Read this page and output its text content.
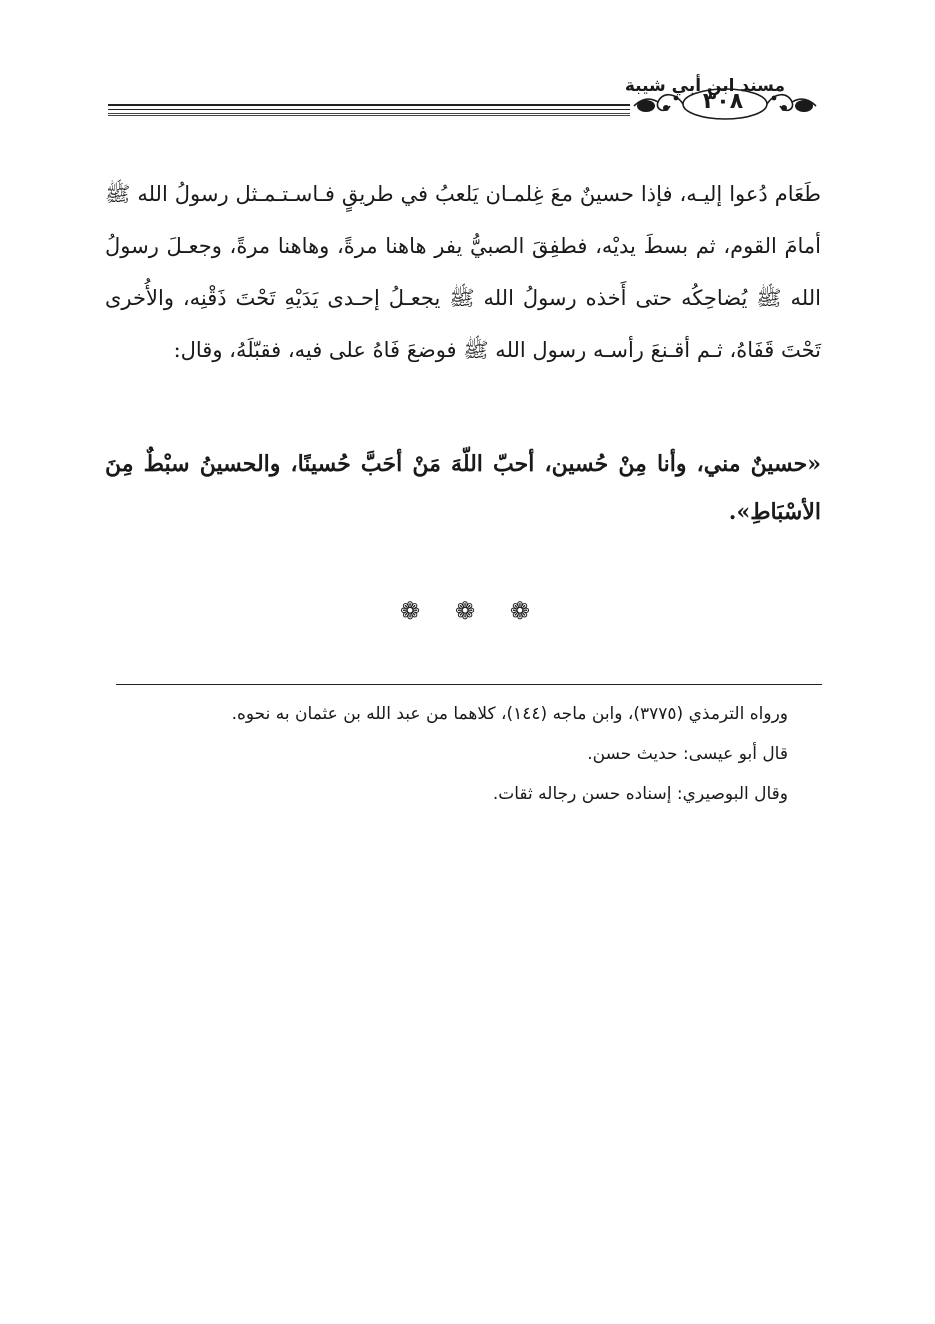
مسند ابن أبي شيبة
٣٠٨

طَعَام دُعوا إليـه، فإذا حسينٌ معَ غِلمـان يَلعبُ في طريقٍ فـاسـتـمـثل رسولُ الله ﷺ أمامَ القوم، ثم بسطَ يديْه، فطفِقَ الصبيُّ يفر هاهنا مرةً، وهاهنا مرةً، وجعـلَ رسولُ الله ﷺ يُضاحِكُه حتى أَخذه رسولُ الله ﷺ يجعـلُ إحـدى يَدَيْهِ تَحْتَ ذَقْنِه، والأُخرى تَحْتَ قَفَاهُ، ثـم أقـنعَ رأسـه رسول الله ﷺ فوضعَ فَاهُ على فيه، فقبّلَهُ، وقال:

«حسينٌ مني، وأنا مِنْ حُسين، أحبّ اللّهَ مَنْ أحَبَّ حُسينًا، والحسينُ سبْطٌ مِنَ الأسْبَاطِ».

❁ ❁ ❁

ورواه الترمذي (٣٧٧٥)، وابن ماجه (١٤٤)، كلاهما من عبد الله بن عثمان به نحوه.

قال أبو عيسى: حديث حسن.

وقال البوصيري: إسناده حسن رجاله ثقات.
